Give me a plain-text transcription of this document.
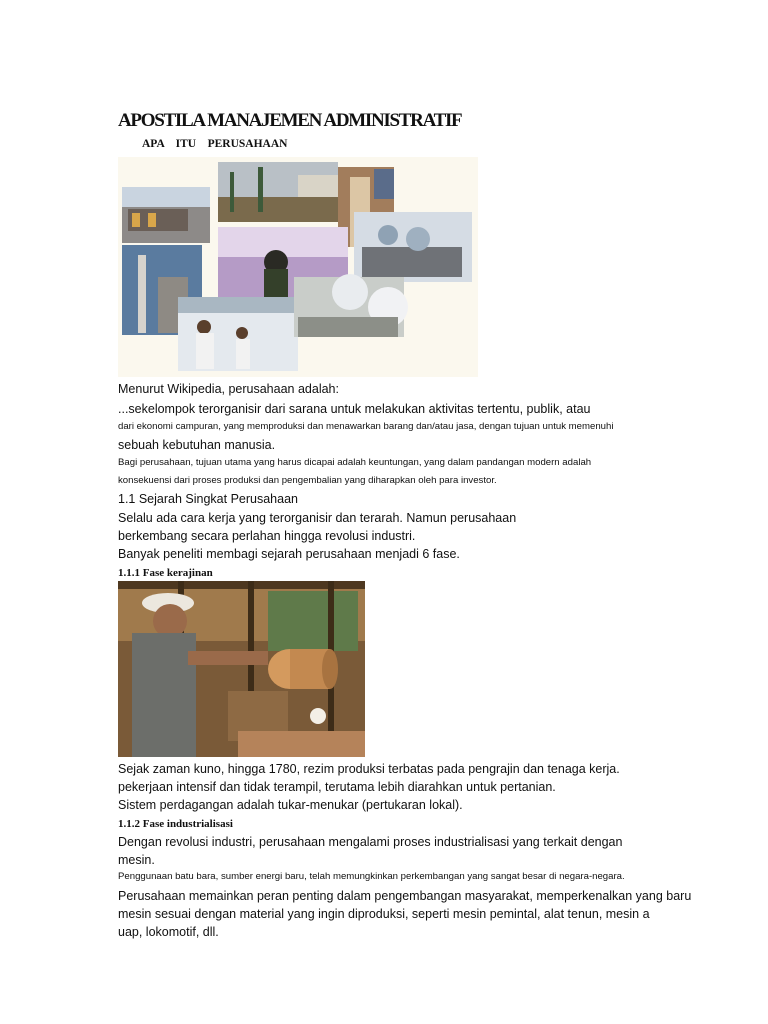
APOSTILA MANAJEMEN ADMINISTRATIF
APA    ITU    PERUSAHAAN
Menurut Wikipedia, perusahaan adalah:
...sekelompok terorganisir dari sarana untuk melakukan aktivitas tertentu, publik, atau
dari ekonomi campuran, yang memproduksi dan menawarkan barang dan/atau jasa, dengan tujuan untuk memenuhi
sebuah kebutuhan manusia.
Bagi perusahaan, tujuan utama yang harus dicapai adalah keuntungan, yang dalam pandangan modern adalah
konsekuensi dari proses produksi dan pengembalian yang diharapkan oleh para investor.
1.1 Sejarah Singkat Perusahaan
Selalu ada cara kerja yang terorganisir dan terarah. Namun perusahaan
berkembang secara perlahan hingga revolusi industri.
Banyak peneliti membagi sejarah perusahaan menjadi 6 fase.
1.1.1 Fase kerajinan
Sejak zaman kuno, hingga 1780, rezim produksi terbatas pada pengrajin dan tenaga kerja.
pekerjaan intensif dan tidak terampil, terutama lebih diarahkan untuk pertanian.
Sistem perdagangan adalah tukar-menukar (pertukaran lokal).
1.1.2 Fase industrialisasi
Dengan revolusi industri, perusahaan mengalami proses industrialisasi yang terkait dengan
mesin.
Penggunaan batu bara, sumber energi baru, telah memungkinkan perkembangan yang sangat besar di negara-negara.
Perusahaan memainkan peran penting dalam pengembangan masyarakat, memperkenalkan yang baru
mesin sesuai dengan material yang ingin diproduksi, seperti mesin pemintal, alat tenun, mesin a
uap, lokomotif, dll.
